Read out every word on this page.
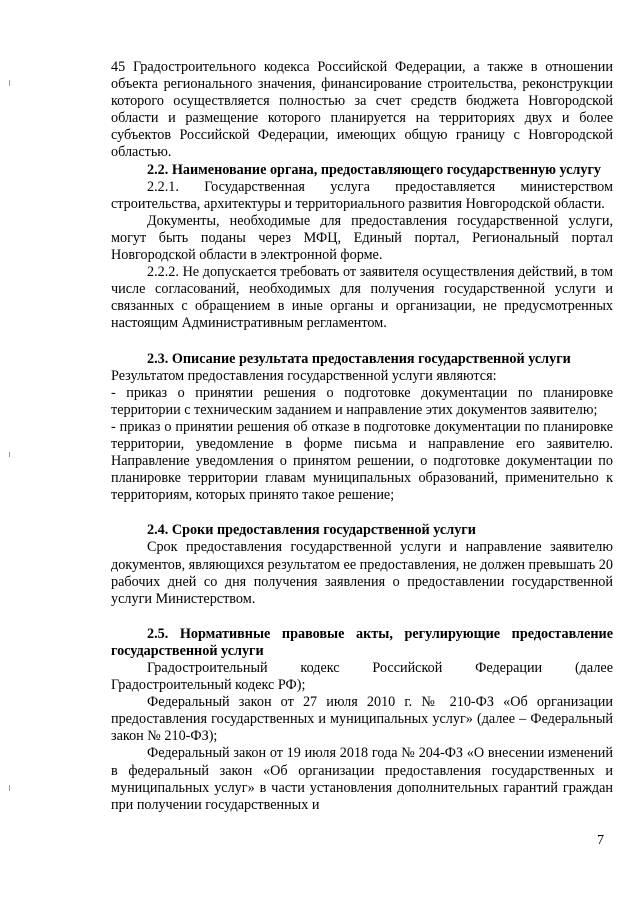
45 Градостроительного кодекса Российской Федерации, а также в отношении объекта регионального значения, финансирование строительства, реконструкции которого осуществляется полностью за счет средств бюджета Новгородской области и размещение которого планируется на территориях двух и более субъектов Российской Федерации, имеющих общую границу с Новгородской областью.

2.2. Наименование органа, предоставляющего государственную услугу

2.2.1. Государственная услуга предоставляется министерством строительства, архитектуры и территориального развития Новгородской области.

Документы, необходимые для предоставления государственной услуги, могут быть поданы через МФЦ, Единый портал, Региональный портал Новгородской области в электронной форме.

2.2.2. Не допускается требовать от заявителя осуществления действий, в том числе согласований, необходимых для получения государственной услуги и связанных с обращением в иные органы и организации, не предусмотренных настоящим Административным регламентом.

2.3. Описание результата предоставления государственной услуги

Результатом предоставления государственной услуги являются:

- приказ о принятии решения о подготовке документации по планировке территории с техническим заданием и направление этих документов заявителю;

- приказ о принятии решения об отказе в подготовке документации по планировке территории, уведомление в форме письма и направление его заявителю. Направление уведомления о принятом решении, о подготовке документации по планировке территории главам муниципальных образований, применительно к территориям, которых принято такое решение;

2.4. Сроки предоставления государственной услуги

Срок предоставления государственной услуги и направление заявителю документов, являющихся результатом ее предоставления, не должен превышать 20 рабочих дней со дня получения заявления о предоставлении государственной услуги Министерством.

2.5. Нормативные правовые акты, регулирующие предоставление государственной услуги

Градостроительный кодекс Российской Федерации (далее Градостроительный кодекс РФ);

Федеральный закон от 27 июля 2010 г. № 210-ФЗ «Об организации предоставления государственных и муниципальных услуг» (далее – Федеральный закон № 210-ФЗ);

Федеральный закон от 19 июля 2018 года № 204-ФЗ «О внесении изменений в федеральный закон «Об организации предоставления государственных и муниципальных услуг» в части установления дополнительных гарантий граждан при получении государственных и

7
